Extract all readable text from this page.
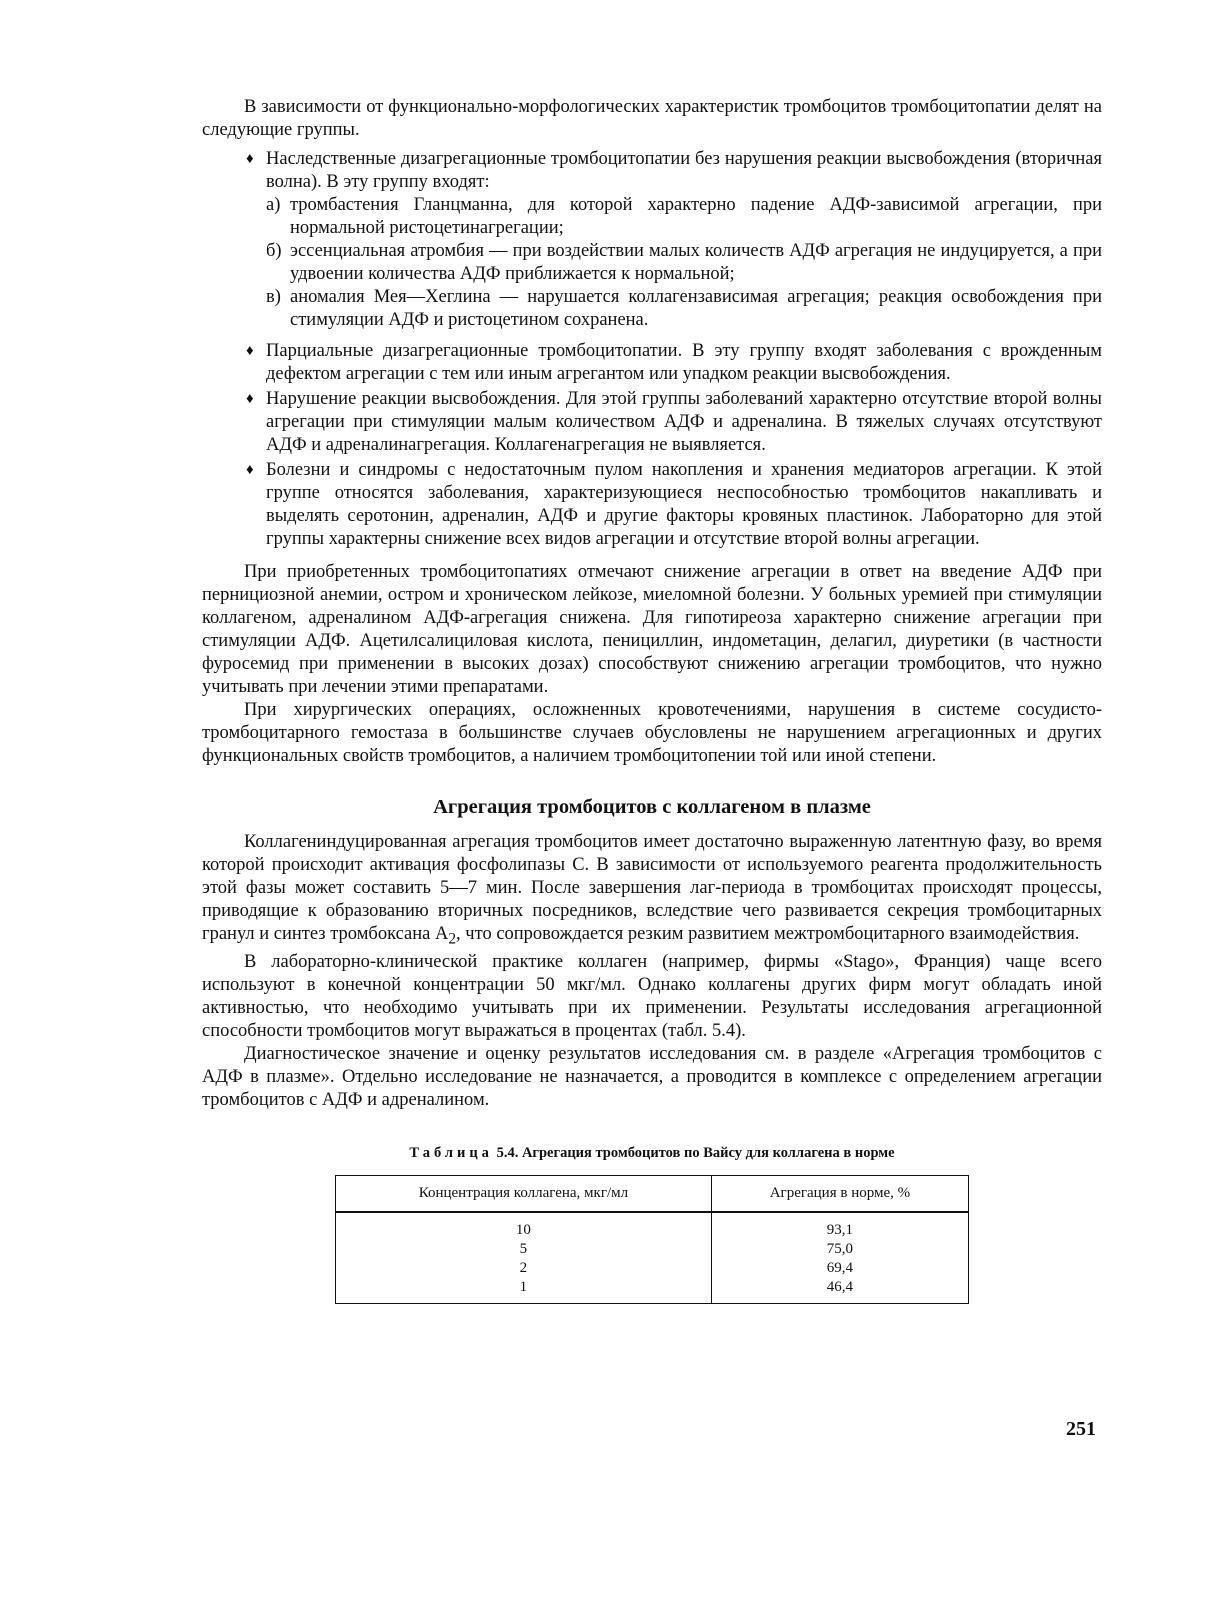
В зависимости от функционально-морфологических характеристик тромбоцитов тромбоцитопатии делят на следующие группы.

♦ Наследственные дизагрегационные тромбоцитопатии без нарушения реакции высвобождения (вторичная волна). В эту группу входят:
а) тромбастения Гланцманна, для которой характерно падение АДФ-зависимой агрегации, при нормальной ристоцетинагрегации;
б) эссенциальная атромбия — при воздействии малых количеств АДФ агрегация не индуцируется, а при удвоении количества АДФ приближается к нормальной;
в) аномалия Мея—Хеглина — нарушается коллагензависимая агрегация; реакция освобождения при стимуляции АДФ и ристоцетином сохранена.
♦ Парциальные дизагрегационные тромбоцитопатии. В эту группу входят заболевания с врожденным дефектом агрегации с тем или иным агрегантом или упадком реакции высвобождения.
♦ Нарушение реакции высвобождения. Для этой группы заболеваний характерно отсутствие второй волны агрегации при стимуляции малым количеством АДФ и адреналина. В тяжелых случаях отсутствуют АДФ и адреналинагрегация. Коллагенагрегация не выявляется.
♦ Болезни и синдромы с недостаточным пулом накопления и хранения медиаторов агрегации. К этой группе относятся заболевания, характеризующиеся неспособностью тромбоцитов накапливать и выделять серотонин, адреналин, АДФ и другие факторы кровяных пластинок. Лабораторно для этой группы характерны снижение всех видов агрегации и отсутствие второй волны агрегации.

При приобретенных тромбоцитопатиях отмечают снижение агрегации в ответ на введение АДФ при пернициозной анемии, остром и хроническом лейкозе, миеломной болезни. У больных уремией при стимуляции коллагеном, адреналином АДФ-агрегация снижена. Для гипотиреоза характерно снижение агрегации при стимуляции АДФ. Ацетилсалициловая кислота, пенициллин, индометацин, делагил, диуретики (в частности фуросемид при применении в высоких дозах) способствуют снижению агрегации тромбоцитов, что нужно учитывать при лечении этими препаратами.

При хирургических операциях, осложненных кровотечениями, нарушения в системе сосудисто-тромбоцитарного гемостаза в большинстве случаев обусловлены не нарушением агрегационных и других функциональных свойств тромбоцитов, а наличием тромбоцитопении той или иной степени.

Агрегация тромбоцитов с коллагеном в плазме

Коллагениндуцированная агрегация тромбоцитов имеет достаточно выраженную латентную фазу, во время которой происходит активация фосфолипазы С. В зависимости от используемого реагента продолжительность этой фазы может составить 5—7 мин. После завершения лаг-периода в тромбоцитах происходят процессы, приводящие к образованию вторичных посредников, вследствие чего развивается секреция тромбоцитарных гранул и синтез тромбоксана $А_2$, что сопровождается резким развитием межтромбоцитарного взаимодействия.

В лабораторно-клинической практике коллаген (например, фирмы «Stago», Франция) чаще всего используют в конечной концентрации 50 мкг/мл. Однако коллагены других фирм могут обладать иной активностью, что необходимо учитывать при их применении. Результаты исследования агрегационной способности тромбоцитов могут выражаться в процентах (табл. 5.4).

Диагностическое значение и оценку результатов исследования см. в разделе «Агрегация тромбоцитов с АДФ в плазме». Отдельно исследование не назначается, а проводится в комплексе с определением агрегации тромбоцитов с АДФ и адреналином.

Таблица 5.4. Агрегация тромбоцитов по Вайсу для коллагена в норме
Концентрация коллагена, мкг/мл	Агрегация в норме, %
10	93,1
5	75,0
2	69,4
1	46,4
251
